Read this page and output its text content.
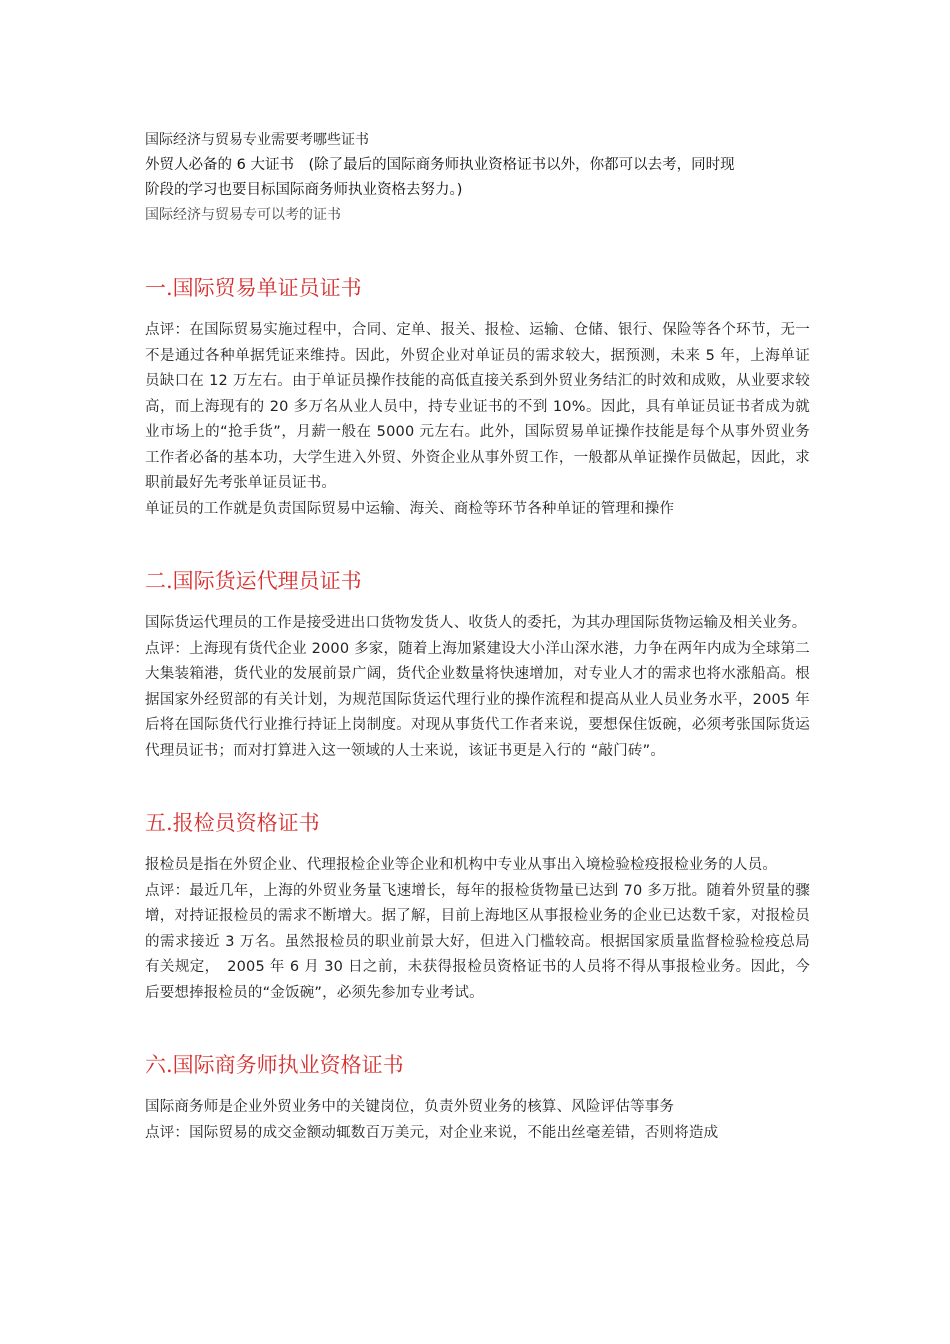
国际经济与贸易专业需要考哪些证书

外贸人必备的 6 大证书　(除了最后的国际商务师执业资格证书以外，你都可以去考，同时现

阶段的学习也要目标国际商务师执业资格去努力。)

国际经济与贸易专可以考的证书

一.国际贸易单证员证书

点评：在国际贸易实施过程中，合同、定单、报关、报检、运输、仓储、银行、保险等各个环节，无一不是通过各种单据凭证来维持。因此，外贸企业对单证员的需求较大，据预测，未来 5 年，上海单证员缺口在 12 万左右。由于单证员操作技能的高低直接关系到外贸业务结汇的时效和成败，从业要求较高，而上海现有的 20 多万名从业人员中，持专业证书的不到 10%。因此，具有单证员证书者成为就业市场上的“抢手货”，月薪一般在 5000 元左右。此外，国际贸易单证操作技能是每个从事外贸业务工作者必备的基本功，大学生进入外贸、外资企业从事外贸工作，一般都从单证操作员做起，因此，求职前最好先考张单证员证书。

单证员的工作就是负责国际贸易中运输、海关、商检等环节各种单证的管理和操作

二.国际货运代理员证书

国际货运代理员的工作是接受进出口货物发货人、收货人的委托，为其办理国际货物运输及相关业务。

点评：上海现有货代企业 2000 多家，随着上海加紧建设大小洋山深水港，力争在两年内成为全球第二大集装箱港，货代业的发展前景广阔，货代企业数量将快速增加，对专业人才的需求也将水涨船高。根据国家外经贸部的有关计划，为规范国际货运代理行业的操作流程和提高从业人员业务水平，2005 年后将在国际货代行业推行持证上岗制度。对现从事货代工作者来说，要想保住饭碗，必须考张国际货运代理员证书；而对打算进入这一领域的人士来说，该证书更是入行的 “敲门砖”。

五.报检员资格证书

报检员是指在外贸企业、代理报检企业等企业和机构中专业从事出入境检验检疫报检业务的人员。

点评：最近几年，上海的外贸业务量飞速增长，每年的报检货物量已达到 70 多万批。随着外贸量的骤增，对持证报检员的需求不断增大。据了解，目前上海地区从事报检业务的企业已达数千家，对报检员的需求接近 3 万名。虽然报检员的职业前景大好，但进入门槛较高。根据国家质量监督检验检疫总局有关规定，　2005 年 6 月 30 日之前，未获得报检员资格证书的人员将不得从事报检业务。因此，今后要想捧报检员的“金饭碗”，必须先参加专业考试。

六.国际商务师执业资格证书

国际商务师是企业外贸业务中的关键岗位，负责外贸业务的核算、风险评估等事务

点评：国际贸易的成交金额动辄数百万美元，对企业来说，不能出丝毫差错，否则将造成
